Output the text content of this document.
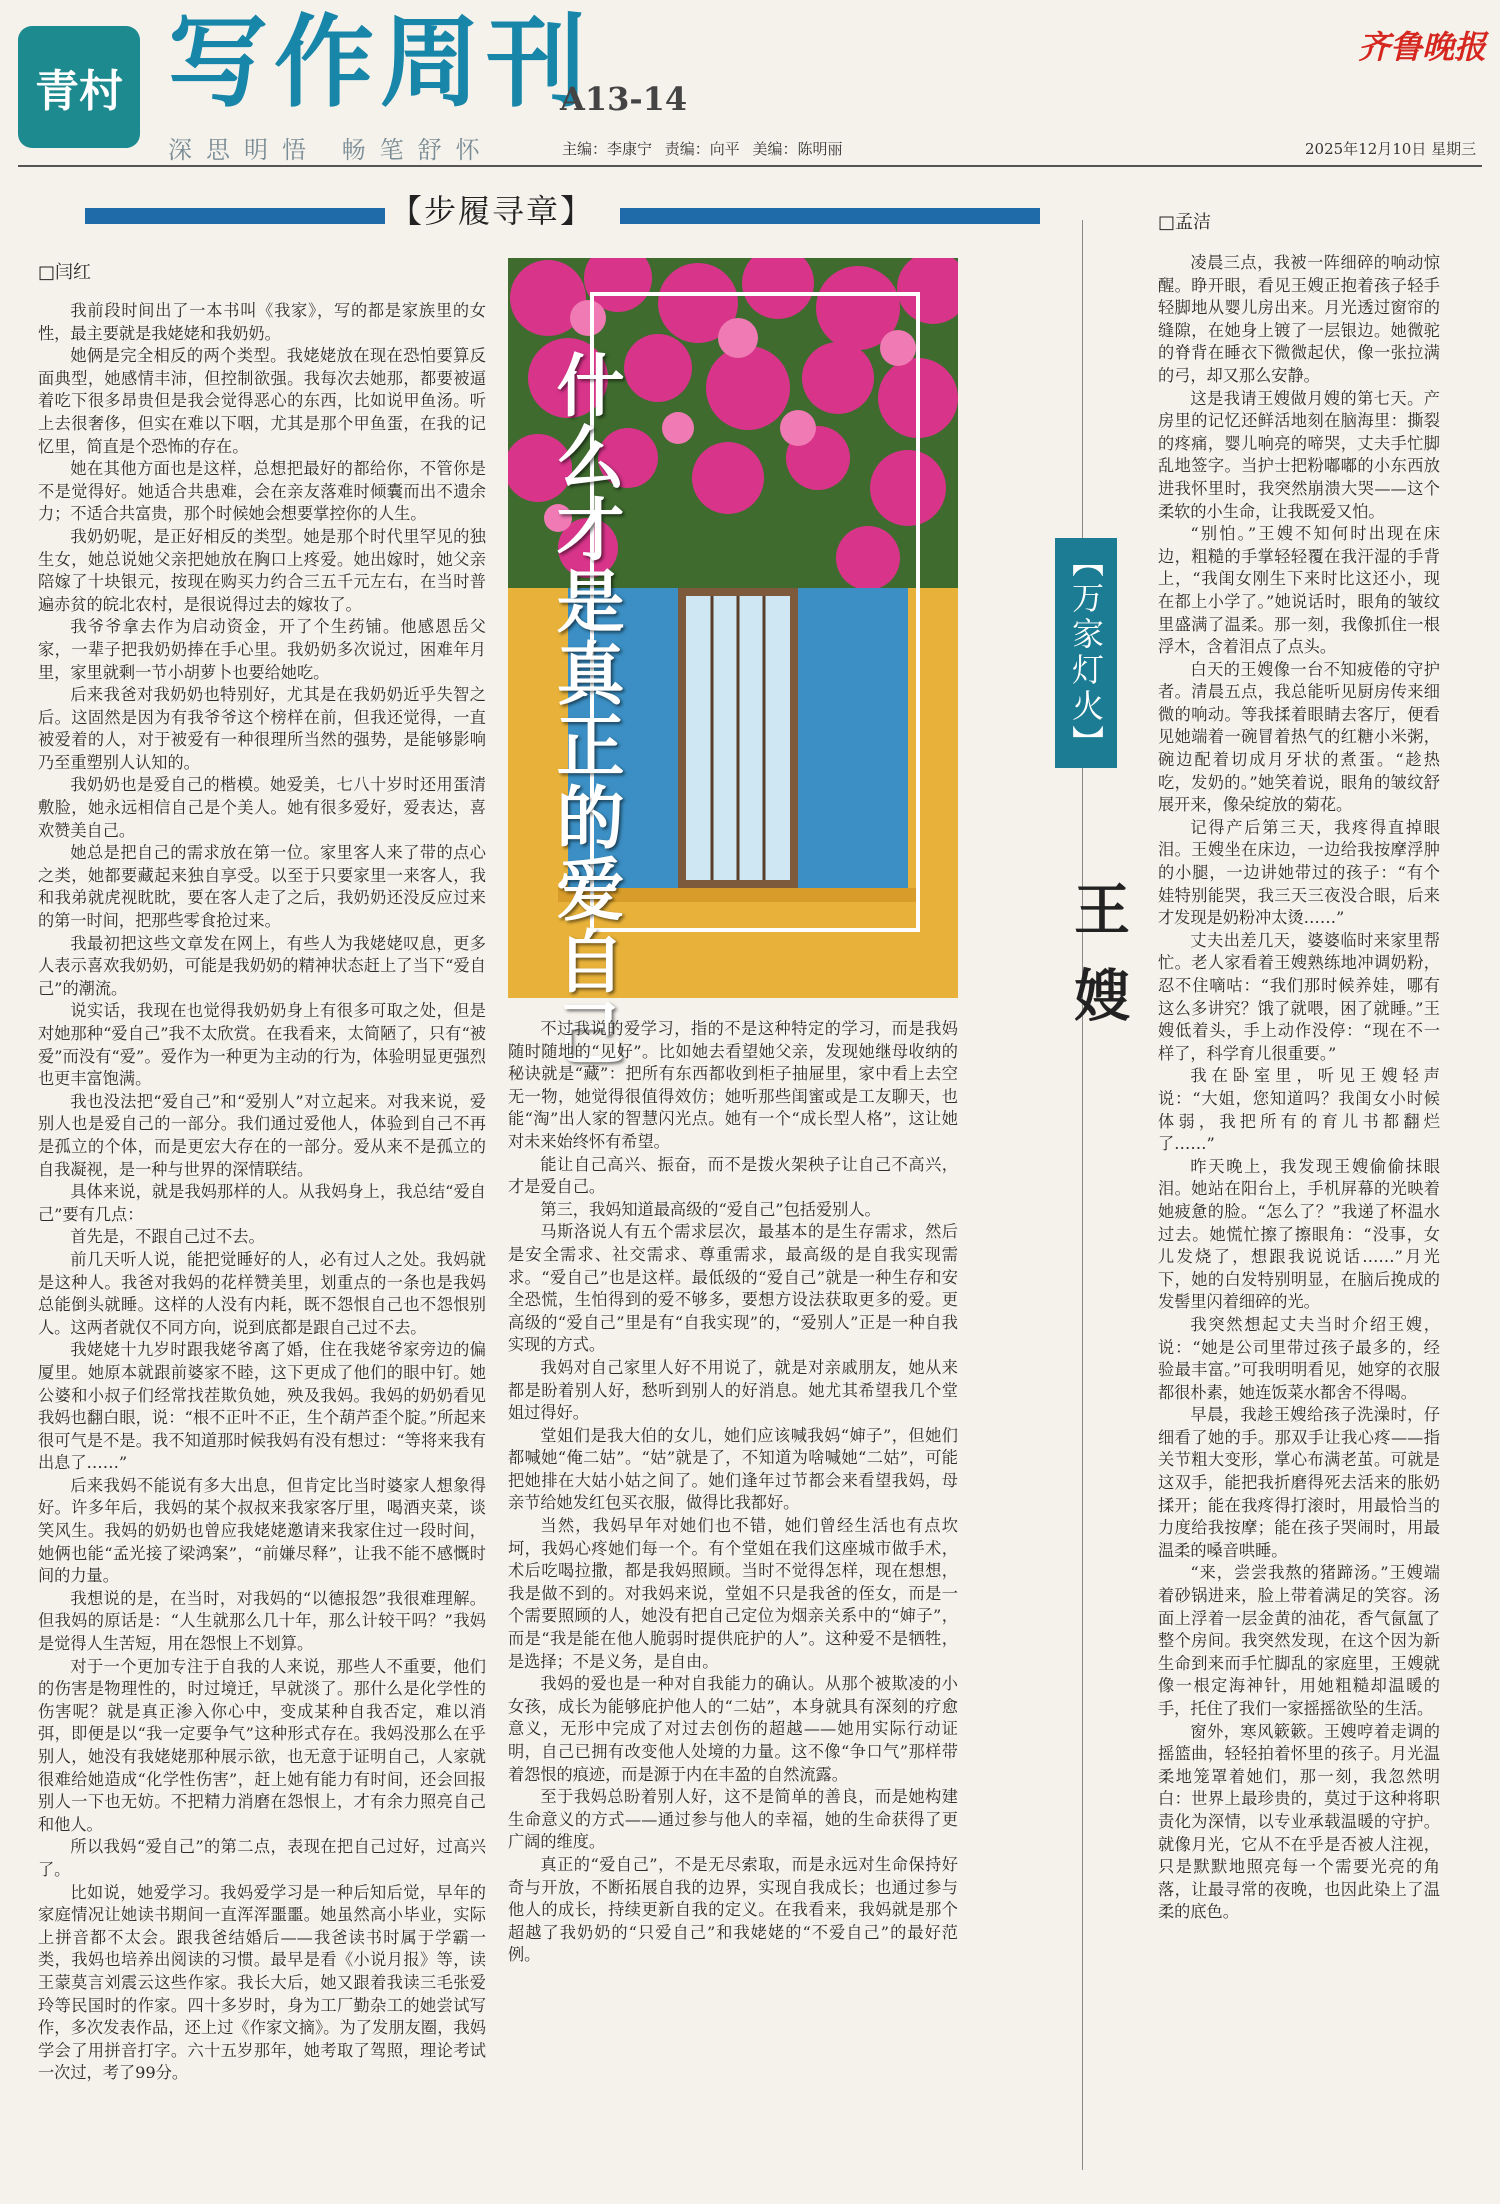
青村 写作周刊
A13-14
深思明悟 畅笔舒怀	主编：李康宁 责编：向平 美编：陈明丽	2025年12月10日 星期三
齐鲁晚报
【步履寻章】
□闫红
什么才是真正的爱自己

我前段时间出了一本书叫《我家》，写的都是家族里的女性，最主要就是我姥姥和我奶奶。

她俩是完全相反的两个类型。我姥姥放在现在恐怕要算反面典型，她感情丰沛，但控制欲强。我每次去她那，都要被逼着吃下很多昂贵但是我会觉得恶心的东西，比如说甲鱼汤。听上去很奢侈，但实在难以下咽，尤其是那个甲鱼蛋，在我的记忆里，简直是个恐怖的存在。

她在其他方面也是这样，总想把最好的都给你，不管你是不是觉得好。她适合共患难，会在亲友落难时倾囊而出不遗余力；不适合共富贵，那个时候她会想要掌控你的人生。

我奶奶呢，是正好相反的类型。她是那个时代里罕见的独生女，她总说她父亲把她放在胸口上疼爱。她出嫁时，她父亲陪嫁了十块银元，按现在购买力约合三五千元左右，在当时普遍赤贫的皖北农村，是很说得过去的嫁妆了。

我爷爷拿去作为启动资金，开了个生药铺。他感恩岳父家，一辈子把我奶奶捧在手心里。我奶奶多次说过，困难年月里，家里就剩一节小胡萝卜也要给她吃。

后来我爸对我奶奶也特别好，尤其是在我奶奶近乎失智之后。这固然是因为有我爷爷这个榜样在前，但我还觉得，一直被爱着的人，对于被爱有一种很理所当然的强势，是能够影响乃至重塑别人认知的。

我奶奶也是爱自己的楷模。她爱美，七八十岁时还用蛋清敷脸，她永远相信自己是个美人。她有很多爱好，爱表达，喜欢赞美自己。

她总是把自己的需求放在第一位。家里客人来了带的点心之类，她都要藏起来独自享受。以至于只要家里一来客人，我和我弟就虎视眈眈，要在客人走了之后，我奶奶还没反应过来的第一时间，把那些零食抢过来。

我最初把这些文章发在网上，有些人为我姥姥叹息，更多人表示喜欢我奶奶，可能是我奶奶的精神状态赶上了当下“爱自己”的潮流。

说实话，我现在也觉得我奶奶身上有很多可取之处，但是对她那种“爱自己”我不太欣赏。在我看来，太简陋了，只有“被爱”而没有“爱”。爱作为一种更为主动的行为，体验明显更强烈也更丰富饱满。

我也没法把“爱自己”和“爱别人”对立起来。对我来说，爱别人也是爱自己的一部分。我们通过爱他人，体验到自己不再是孤立的个体，而是更宏大存在的一部分。爱从来不是孤立的自我凝视，是一种与世界的深情联结。

具体来说，就是我妈那样的人。从我妈身上，我总结“爱自己”要有几点：

首先是，不跟自己过不去。

前几天听人说，能把觉睡好的人，必有过人之处。我妈就是这种人。我爸对我妈的花样赞美里，划重点的一条也是我妈总能倒头就睡。这样的人没有内耗，既不怨恨自己也不怨恨别人。这两者就仅不同方向，说到底都是跟自己过不去。

我姥姥十九岁时跟我姥爷离了婚，住在我姥爷家旁边的偏厦里。她原本就跟前婆家不睦，这下更成了他们的眼中钉。她公婆和小叔子们经常找茬欺负她，殃及我妈。我妈的奶奶看见我妈也翻白眼，说：“根不正叶不正，生个葫芦歪个腚。”所起来很可气是不是。我不知道那时候我妈有没有想过：“等将来我有出息了……”

后来我妈不能说有多大出息，但肯定比当时婆家人想象得好。许多年后，我妈的某个叔叔来我家客厅里，喝酒夹菜，谈笑风生。我妈的奶奶也曾应我姥姥邀请来我家住过一段时间，她俩也能“孟光接了梁鸿案”，“前嫌尽释”，让我不能不感慨时间的力量。

我想说的是，在当时，对我妈的“以德报怨”我很难理解。但我妈的原话是：“人生就那么几十年，那么计较干吗？”我妈是觉得人生苦短，用在怨恨上不划算。

对于一个更加专注于自我的人来说，那些人不重要，他们的伤害是物理性的，时过境迁，早就淡了。那什么是化学性的伤害呢？就是真正渗入你心中，变成某种自我否定，难以消弭，即便是以“我一定要争气”这种形式存在。我妈没那么在乎别人，她没有我姥姥那种展示欲，也无意于证明自己，人家就很难给她造成“化学性伤害”，赶上她有能力有时间，还会回报别人一下也无妨。不把精力消磨在怨恨上，才有余力照亮自己和他人。

所以我妈“爱自己”的第二点，表现在把自己过好，过高兴了。

比如说，她爱学习。我妈爱学习是一种后知后觉，早年的家庭情况让她读书期间一直浑浑噩噩。她虽然高小毕业，实际上拼音都不太会。跟我爸结婚后——我爸读书时属于学霸一类，我妈也培养出阅读的习惯。最早是看《小说月报》等，读王蒙莫言刘震云这些作家。我长大后，她又跟着我读三毛张爱玲等民国时的作家。四十多岁时，身为工厂勤杂工的她尝试写作，多次发表作品，还上过《作家文摘》。为了发朋友圈，我妈学会了用拼音打字。六十五岁那年，她考取了驾照，理论考试一次过，考了99分。

不过我说的爱学习，指的不是这种特定的学习，而是我妈随时随地的“见好”。比如她去看望她父亲，发现她继母收纳的秘诀就是“藏”：把所有东西都收到柜子抽屉里，家中看上去空无一物，她觉得很值得效仿；她听那些闺蜜或是工友聊天，也能“淘”出人家的智慧闪光点。她有一个“成长型人格”，这让她对未来始终怀有希望。

能让自己高兴、振奋，而不是拨火架秧子让自己不高兴，才是爱自己。

第三，我妈知道最高级的“爱自己”包括爱别人。

马斯洛说人有五个需求层次，最基本的是生存需求，然后是安全需求、社交需求、尊重需求，最高级的是自我实现需求。“爱自己”也是这样。最低级的“爱自己”就是一种生存和安全恐慌，生怕得到的爱不够多，要想方设法获取更多的爱。更高级的“爱自己”里是有“自我实现”的，“爱别人”正是一种自我实现的方式。

我妈对自己家里人好不用说了，就是对亲戚朋友，她从来都是盼着别人好，愁听到别人的好消息。她尤其希望我几个堂姐过得好。

堂姐们是我大伯的女儿，她们应该喊我妈“婶子”，但她们都喊她“俺二姑”。“姑”就是了，不知道为啥喊她“二姑”，可能把她排在大姑小姑之间了。她们逢年过节都会来看望我妈，母亲节给她发红包买衣服，做得比我都好。

当然，我妈早年对她们也不错，她们曾经生活也有点坎坷，我妈心疼她们每一个。有个堂姐在我们这座城市做手术，术后吃喝拉撒，都是我妈照顾。当时不觉得怎样，现在想想，我是做不到的。对我妈来说，堂姐不只是我爸的侄女，而是一个需要照顾的人，她没有把自己定位为烟亲关系中的“婶子”，而是“我是能在他人脆弱时提供庇护的人”。这种爱不是牺牲，是选择；不是义务，是自由。

我妈的爱也是一种对自我能力的确认。从那个被欺凌的小女孩，成长为能够庇护他人的“二姑”，本身就具有深刻的疗愈意义，无形中完成了对过去创伤的超越——她用实际行动证明，自己已拥有改变他人处境的力量。这不像“争口气”那样带着怨恨的痕迹，而是源于内在丰盈的自然流露。

至于我妈总盼着别人好，这不是简单的善良，而是她构建生命意义的方式——通过参与他人的幸福，她的生命获得了更广阔的维度。

真正的“爱自己”，不是无尽索取，而是永远对生命保持好奇与开放，不断拓展自我的边界，实现自我成长；也通过参与他人的成长，持续更新自我的定义。在我看来，我妈就是那个超越了我奶奶的“只爱自己”和我姥姥的“不爱自己”的最好范例。

【万家灯火】
王嫂
□孟洁

凌晨三点，我被一阵细碎的响动惊醒。睁开眼，看见王嫂正抱着孩子轻手轻脚地从婴儿房出来。月光透过窗帘的缝隙，在她身上镀了一层银边。她微驼的脊背在睡衣下微微起伏，像一张拉满的弓，却又那么安静。

这是我请王嫂做月嫂的第七天。产房里的记忆还鲜活地刻在脑海里：撕裂的疼痛，婴儿响亮的啼哭，丈夫手忙脚乱地签字。当护士把粉嘟嘟的小东西放进我怀里时，我突然崩溃大哭——这个柔软的小生命，让我既爱又怕。

“别怕。”王嫂不知何时出现在床边，粗糙的手掌轻轻覆在我汗湿的手背上，“我闺女刚生下来时比这还小，现在都上小学了。”她说话时，眼角的皱纹里盛满了温柔。那一刻，我像抓住一根浮木，含着泪点了点头。

白天的王嫂像一台不知疲倦的守护者。清晨五点，我总能听见厨房传来细微的响动。等我揉着眼睛去客厅，便看见她端着一碗冒着热气的红糖小米粥，碗边配着切成月牙状的煮蛋。“趁热吃，发奶的。”她笑着说，眼角的皱纹舒展开来，像朵绽放的菊花。

记得产后第三天，我疼得直掉眼泪。王嫂坐在床边，一边给我按摩浮肿的小腿，一边讲她带过的孩子：“有个娃特别能哭，我三天三夜没合眼，后来才发现是奶粉冲太烫……”

丈夫出差几天，婆婆临时来家里帮忙。老人家看着王嫂熟练地冲调奶粉，忍不住嘀咕：“我们那时候养娃，哪有这么多讲究？饿了就喂，困了就睡。”王嫂低着头，手上动作没停：“现在不一样了，科学育儿很重要。”

我在卧室里，听见王嫂轻声说：“大姐，您知道吗？我闺女小时候体弱，我把所有的育儿书都翻烂了……”

昨天晚上，我发现王嫂偷偷抹眼泪。她站在阳台上，手机屏幕的光映着她疲惫的脸。“怎么了？”我递了杯温水过去。她慌忙擦了擦眼角：“没事，女儿发烧了，想跟我说说话……”月光下，她的白发特别明显，在脑后挽成的发髻里闪着细碎的光。

我突然想起丈夫当时介绍王嫂，说：“她是公司里带过孩子最多的，经验最丰富。”可我明明看见，她穿的衣服都很朴素，她连饭菜水都舍不得喝。

早晨，我趁王嫂给孩子洗澡时，仔细看了她的手。那双手让我心疼——指关节粗大变形，掌心布满老茧。可就是这双手，能把我折磨得死去活来的胀奶揉开；能在我疼得打滚时，用最恰当的力度给我按摩；能在孩子哭闹时，用最温柔的嗓音哄睡。

“来，尝尝我熬的猪蹄汤。”王嫂端着砂锅进来，脸上带着满足的笑容。汤面上浮着一层金黄的油花，香气氤氲了整个房间。我突然发现，在这个因为新生命到来而手忙脚乱的家庭里，王嫂就像一根定海神针，用她粗糙却温暖的手，托住了我们一家摇摇欲坠的生活。

窗外，寒风簌簌。王嫂哼着走调的摇篮曲，轻轻拍着怀里的孩子。月光温柔地笼罩着她们，那一刻，我忽然明白：世界上最珍贵的，莫过于这种将职责化为深情，以专业承载温暖的守护。就像月光，它从不在乎是否被人注视，只是默默地照亮每一个需要光亮的角落，让最寻常的夜晚，也因此染上了温柔的底色。
